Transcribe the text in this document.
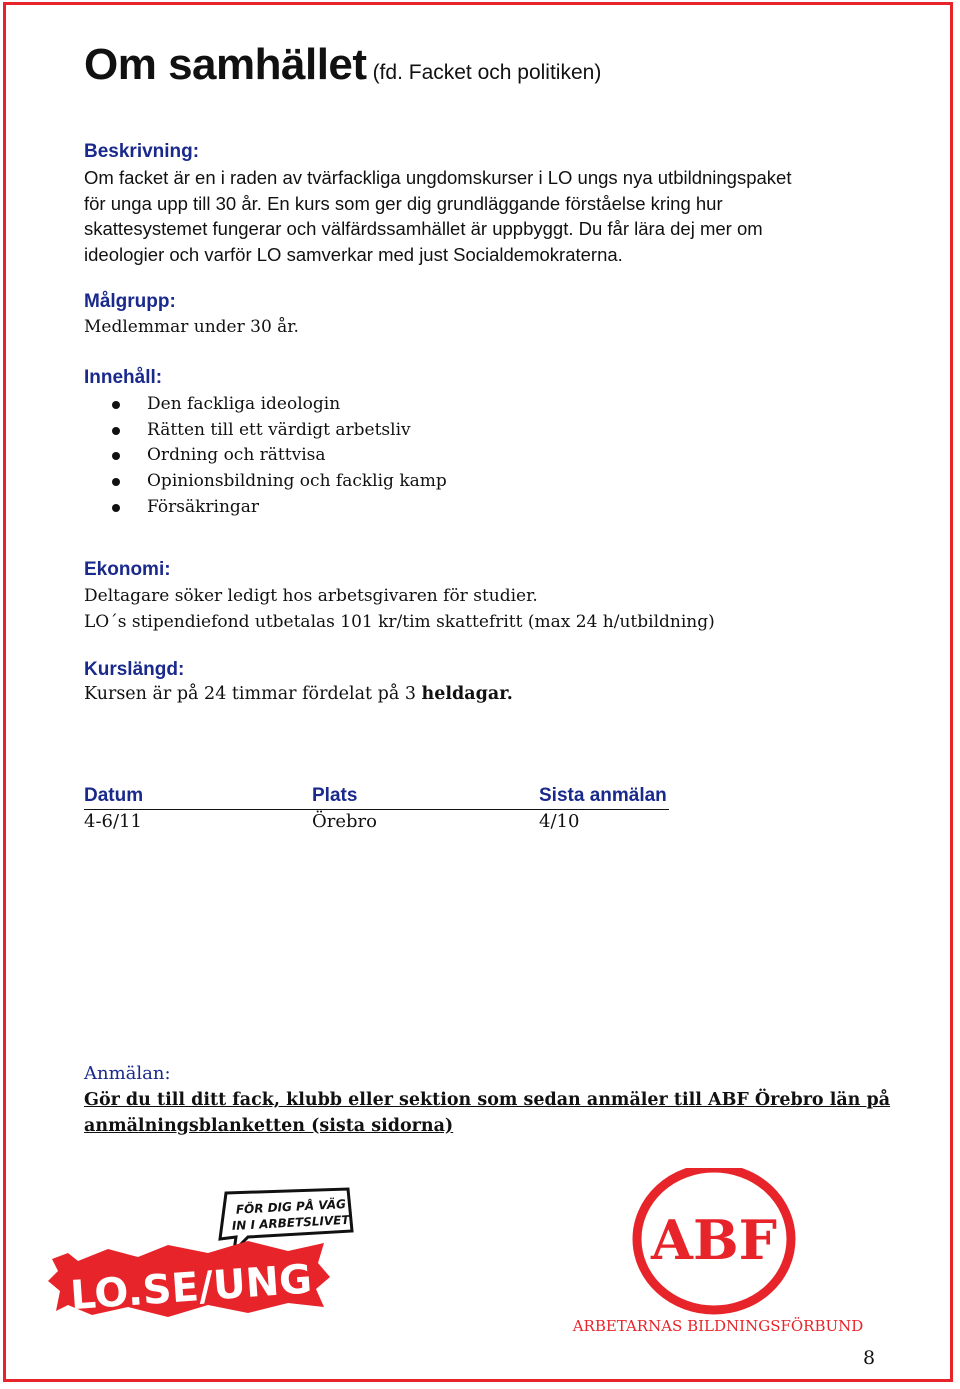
Om samhället (fd. Facket och politiken)
Beskrivning:
Om facket är en i raden av tvärfackliga ungdomskurser i LO ungs nya utbildningspaket
för unga upp till 30 år. En kurs som ger dig grundläggande förståelse kring hur
skattesystemet fungerar och välfärdssamhället är uppbyggt. Du får lära dej mer om
ideologier och varför LO samverkar med just Socialdemokraterna.
Målgrupp:
Medlemmar under 30 år.
Innehåll:
Den fackliga ideologin
Rätten till ett värdigt arbetsliv
Ordning och rättvisa
Opinionsbildning och facklig kamp
Försäkringar
Ekonomi:
Deltagare söker ledigt hos arbetsgivaren för studier.
LO´s stipendiefond utbetalas 101 kr/tim skattefritt (max 24 h/utbildning)
Kurslängd:
Kursen är på 24 timmar fördelat på 3 heldagar.
Datum	Plats	Sista anmälan
4-6/11	Örebro	4/10
Anmälan:
Gör du till ditt fack, klubb eller sektion som sedan anmäler till ABF Örebro län på
anmälningsblanketten (sista sidorna)
FÖR DIG PÅ VÄG
IN I ARBETSLIVET
LO.SE/UNG
ABF
ARBETARNAS BILDNINGSFÖRBUND
8
